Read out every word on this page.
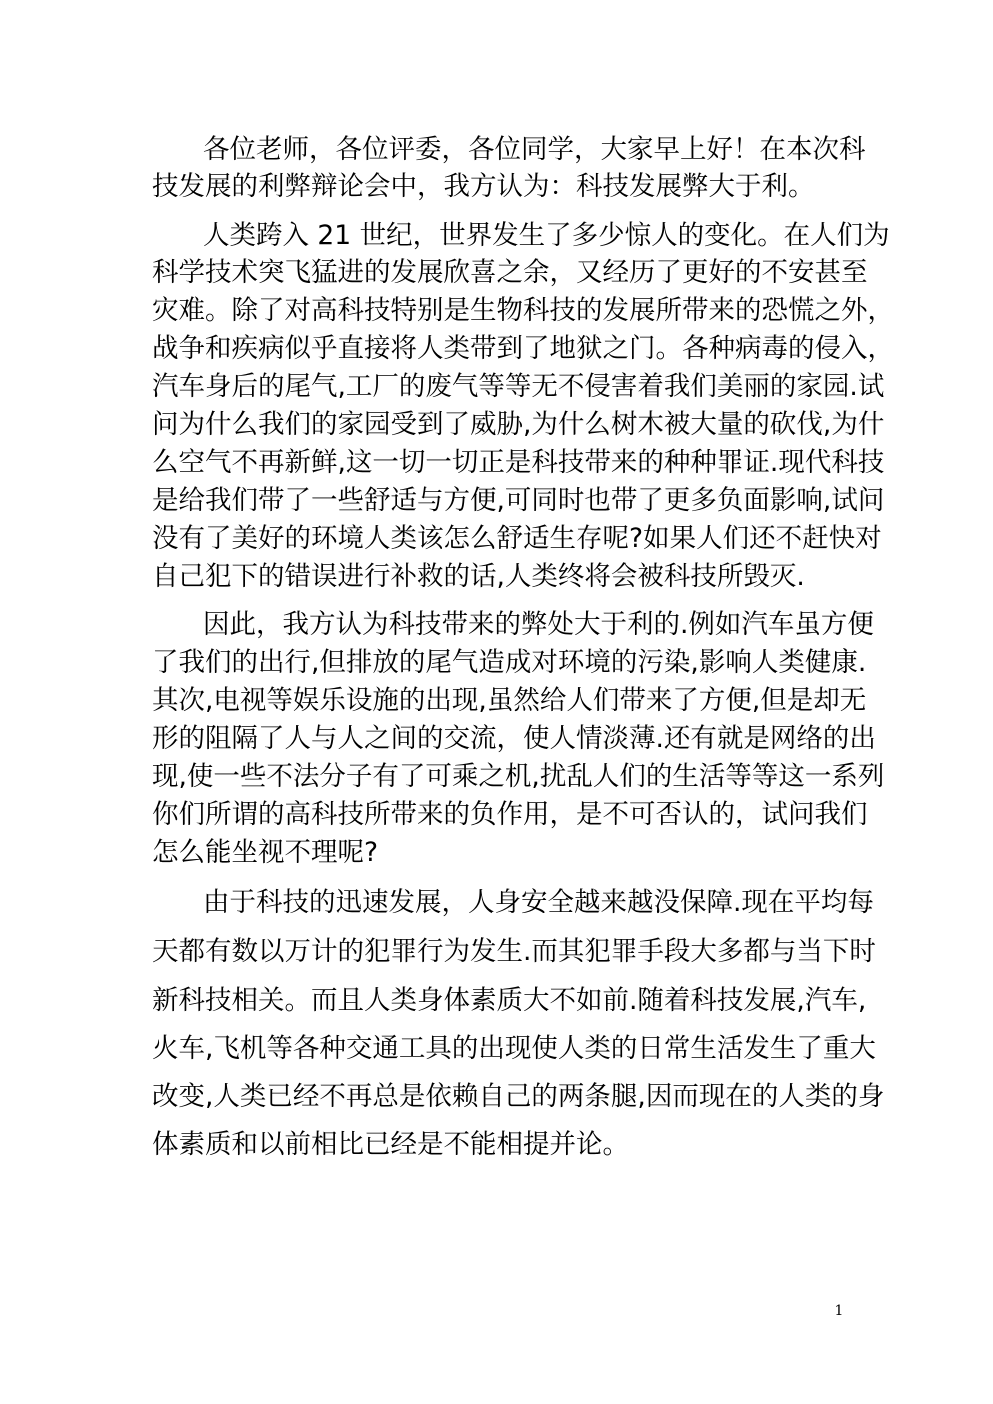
各位老师，各位评委，各位同学，大家早上好！在本次科
技发展的利弊辩论会中，我方认为：科技发展弊大于利。
人类跨入 21 世纪，世界发生了多少惊人的变化。在人们为
科学技术突飞猛进的发展欣喜之余，又经历了更好的不安甚至
灾难。除了对高科技特别是生物科技的发展所带来的恐慌之外，
战争和疾病似乎直接将人类带到了地狱之门。各种病毒的侵入，
汽车身后的尾气,工厂的废气等等无不侵害着我们美丽的家园.试
问为什么我们的家园受到了威胁,为什么树木被大量的砍伐,为什
么空气不再新鲜,这一切一切正是科技带来的种种罪证.现代科技
是给我们带了一些舒适与方便,可同时也带了更多负面影响,试问
没有了美好的环境人类该怎么舒适生存呢?如果人们还不赶快对
自己犯下的错误进行补救的话,人类终将会被科技所毁灭.
因此，我方认为科技带来的弊处大于利的.例如汽车虽方便
了我们的出行,但排放的尾气造成对环境的污染,影响人类健康.
其次,电视等娱乐设施的出现,虽然给人们带来了方便,但是却无
形的阻隔了人与人之间的交流，使人情淡薄.还有就是网络的出
现,使一些不法分子有了可乘之机,扰乱人们的生活等等这一系列
你们所谓的高科技所带来的负作用，是不可否认的，试问我们
怎么能坐视不理呢?
由于科技的迅速发展，人身安全越来越没保障.现在平均每
天都有数以万计的犯罪行为发生.而其犯罪手段大多都与当下时
新科技相关。而且人类身体素质大不如前.随着科技发展,汽车,
火车,飞机等各种交通工具的出现使人类的日常生活发生了重大
改变,人类已经不再总是依赖自己的两条腿,因而现在的人类的身
体素质和以前相比已经是不能相提并论。
1
